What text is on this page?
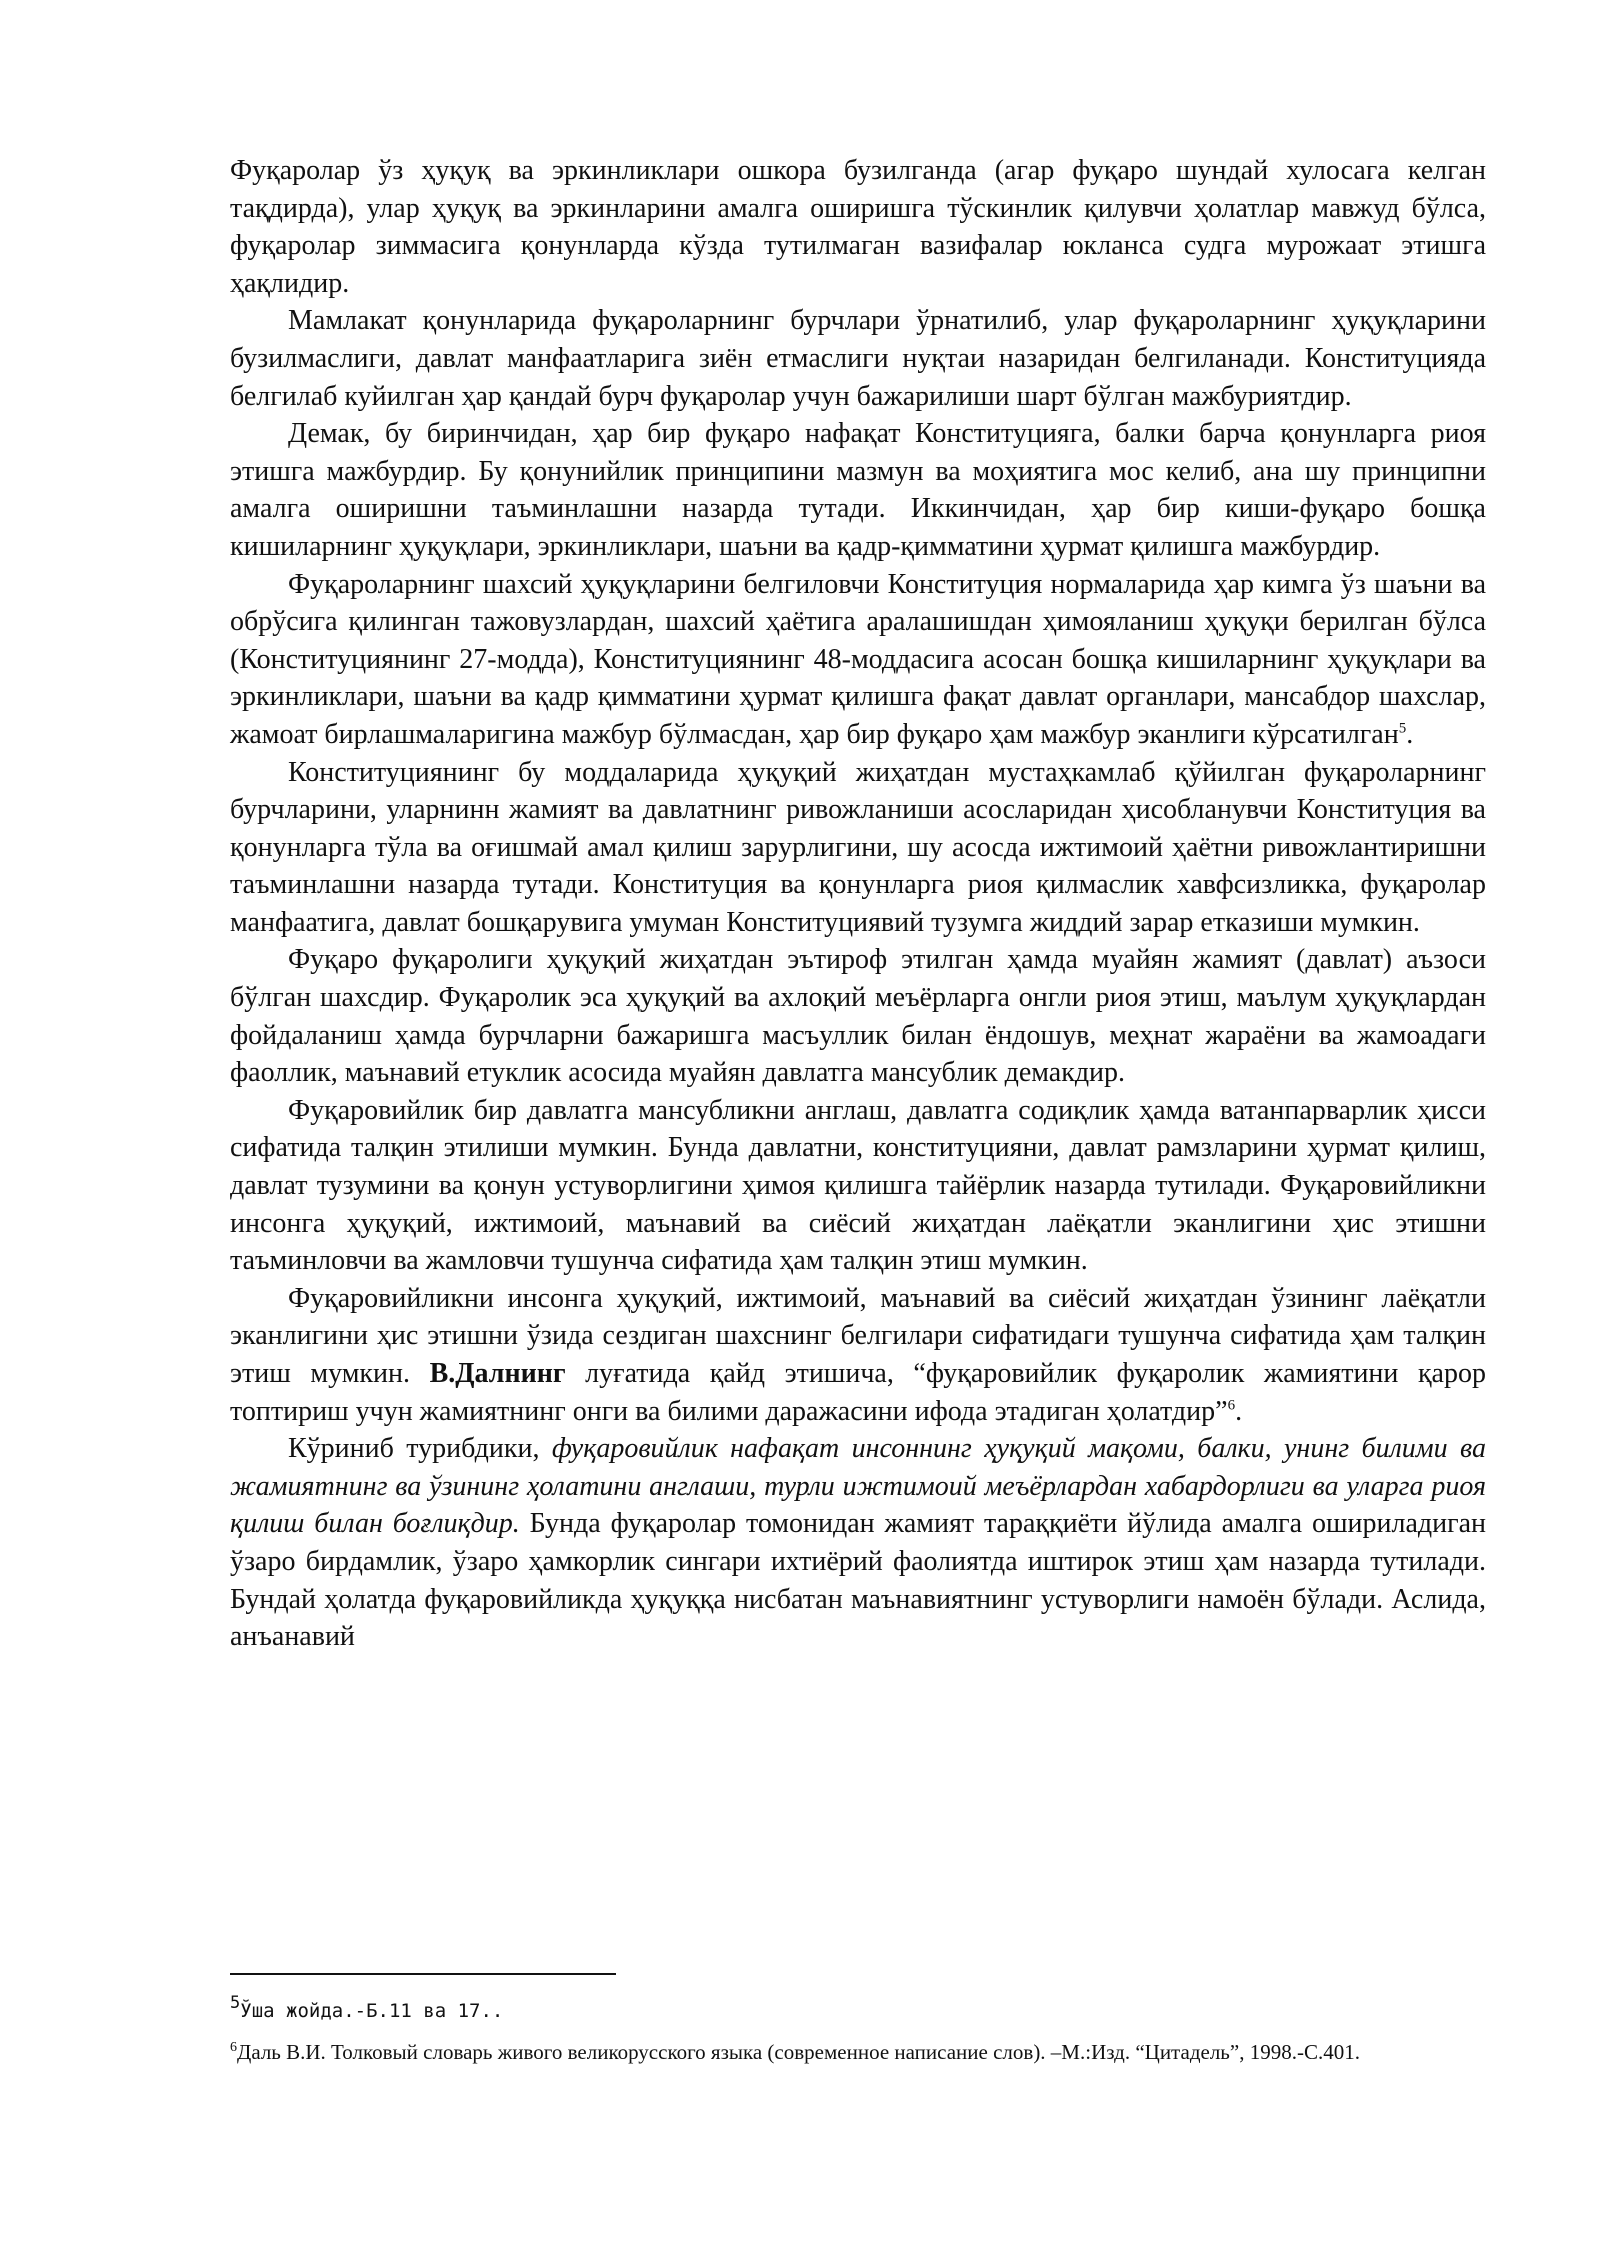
Фуқаролар ўз ҳуқуқ ва эркинликлари ошкора бузилганда (агар фуқаро шундай хулосага келган тақдирда), улар ҳуқуқ ва эркинларини амалга оширишга тўскинлик қилувчи ҳолатлар мавжуд бўлса, фуқаролар зиммасига қонунларда кўзда тутилмаган вазифалар юкланса судга мурожаат этишга ҳақлидир.

Мамлакат қонунларида фуқароларнинг бурчлари ўрнатилиб, улар фуқароларнинг ҳуқуқларини бузилмаслиги, давлат манфаатларига зиён етмаслиги нуқтаи назаридан белгиланади. Конституцияда белгилаб куйилган ҳар қандай бурч фуқаролар учун бажарилиши шарт бўлган мажбуриятдир.

Демак, бу биринчидан, ҳар бир фуқаро нафақат Конституцияга, балки барча қонунларга риоя этишга мажбурдир. Бу қонунийлик принципини мазмун ва моҳиятига мос келиб, ана шу принципни амалга оширишни таъминлашни назарда тутади. Иккинчидан, ҳар бир киши-фуқаро бошқа кишиларнинг ҳуқуқлари, эркинликлари, шаъни ва қадр-қимматини ҳурмат қилишга мажбурдир.

Фуқароларнинг шахсий ҳуқуқларини белгиловчи Конституция нормаларида ҳар кимга ўз шаъни ва обрўсига қилинган тажовузлардан, шахсий ҳаётига аралашишдан ҳимояланиш ҳуқуқи берилган бўлса (Конституциянинг 27-модда), Конституциянинг 48-моддасига асосан бошқа кишиларнинг ҳуқуқлари ва эркинликлари, шаъни ва қадр қимматини ҳурмат қилишга фақат давлат органлари, мансабдор шахслар, жамоат бирлашмаларигина мажбур бўлмасдан, ҳар бир фуқаро ҳам мажбур эканлиги кўрсатилган$^5$.

Конституциянинг бу моддаларида ҳуқуқий жиҳатдан мустаҳкамлаб қўйилган фуқароларнинг бурчларини, уларнинн жамият ва давлатнинг ривожланиши асосларидан ҳисобланувчи Конституция ва қонунларга тўла ва оғишмай амал қилиш зарурлигини, шу асосда ижтимоий ҳаётни ривожлантиришни таъминлашни назарда тутади. Конституция ва қонунларга риоя қилмаслик хавфсизликка, фуқаролар манфаатига, давлат бошқарувига умуман Конституциявий тузумга жиддий зарар етказиши мумкин.

Фуқаро фуқаролиги ҳуқуқий жиҳатдан эътироф этилган ҳамда муайян жамият (давлат) аъзоси бўлган шахсдир. Фуқаролик эса ҳуқуқий ва ахлоқий меъёрларга онгли риоя этиш, маълум ҳуқуқлардан фойдаланиш ҳамда бурчларни бажаришга масъуллик билан ёндошув, меҳнат жараёни ва жамоадаги фаоллик, маънавий етуклик асосида муайян давлатга мансублик демакдир.

Фуқаровийлик бир давлатга мансубликни англаш, давлатга содиқлик ҳамда ватанпарварлик ҳисси сифатида талқин этилиши мумкин. Бунда давлатни, конституцияни, давлат рамзларини ҳурмат қилиш, давлат тузумини ва қонун устуворлигини ҳимоя қилишга тайёрлик назарда тутилади. Фуқаровийликни инсонга ҳуқуқий, ижтимоий, маънавий ва сиёсий жиҳатдан лаёқатли эканлигини ҳис этишни таъминловчи ва жамловчи тушунча сифатида ҳам талқин этиш мумкин.

Фуқаровийликни инсонга ҳуқуқий, ижтимоий, маънавий ва сиёсий жиҳатдан ўзининг лаёқатли эканлигини ҳис этишни ўзида сездиган шахснинг белгилари сифатидаги тушунча сифатида ҳам талқин этиш мумкин. В.Далнинг луғатида қайд этишича, “фуқаровийлик фуқаролик жамиятини қарор топтириш учун жамиятнинг онги ва билими даражасини ифода этадиган ҳолатдир”$^6$.

Кўриниб турибдики, фуқаровийлик нафақат инсоннинг ҳуқуқий мақоми, балки, унинг билими ва жамиятнинг ва ўзининг ҳолатини англаши, турли ижтимоий меъёрлардан хабардорлиги ва уларга риоя қилиш билан боғлиқдир. Бунда фуқаролар томонидан жамият тараққиёти йўлида амалга ошириладиган ўзаро бирдамлик, ўзаро ҳамкорлик сингари ихтиёрий фаолиятда иштирок этиш ҳам назарда тутилади. Бундай ҳолатда фуқаровийликда ҳуқуққа нисбатан маънавиятнинг устуворлиги намоён бўлади. Аслида, анъанавий

5Ўша жойда.-Б.11 ва 17..

$^6$Даль В.И. Толковый словарь живого великорусского языка (современное написание слов). –М.:Изд. “Цитадель”, 1998.-С.401.
